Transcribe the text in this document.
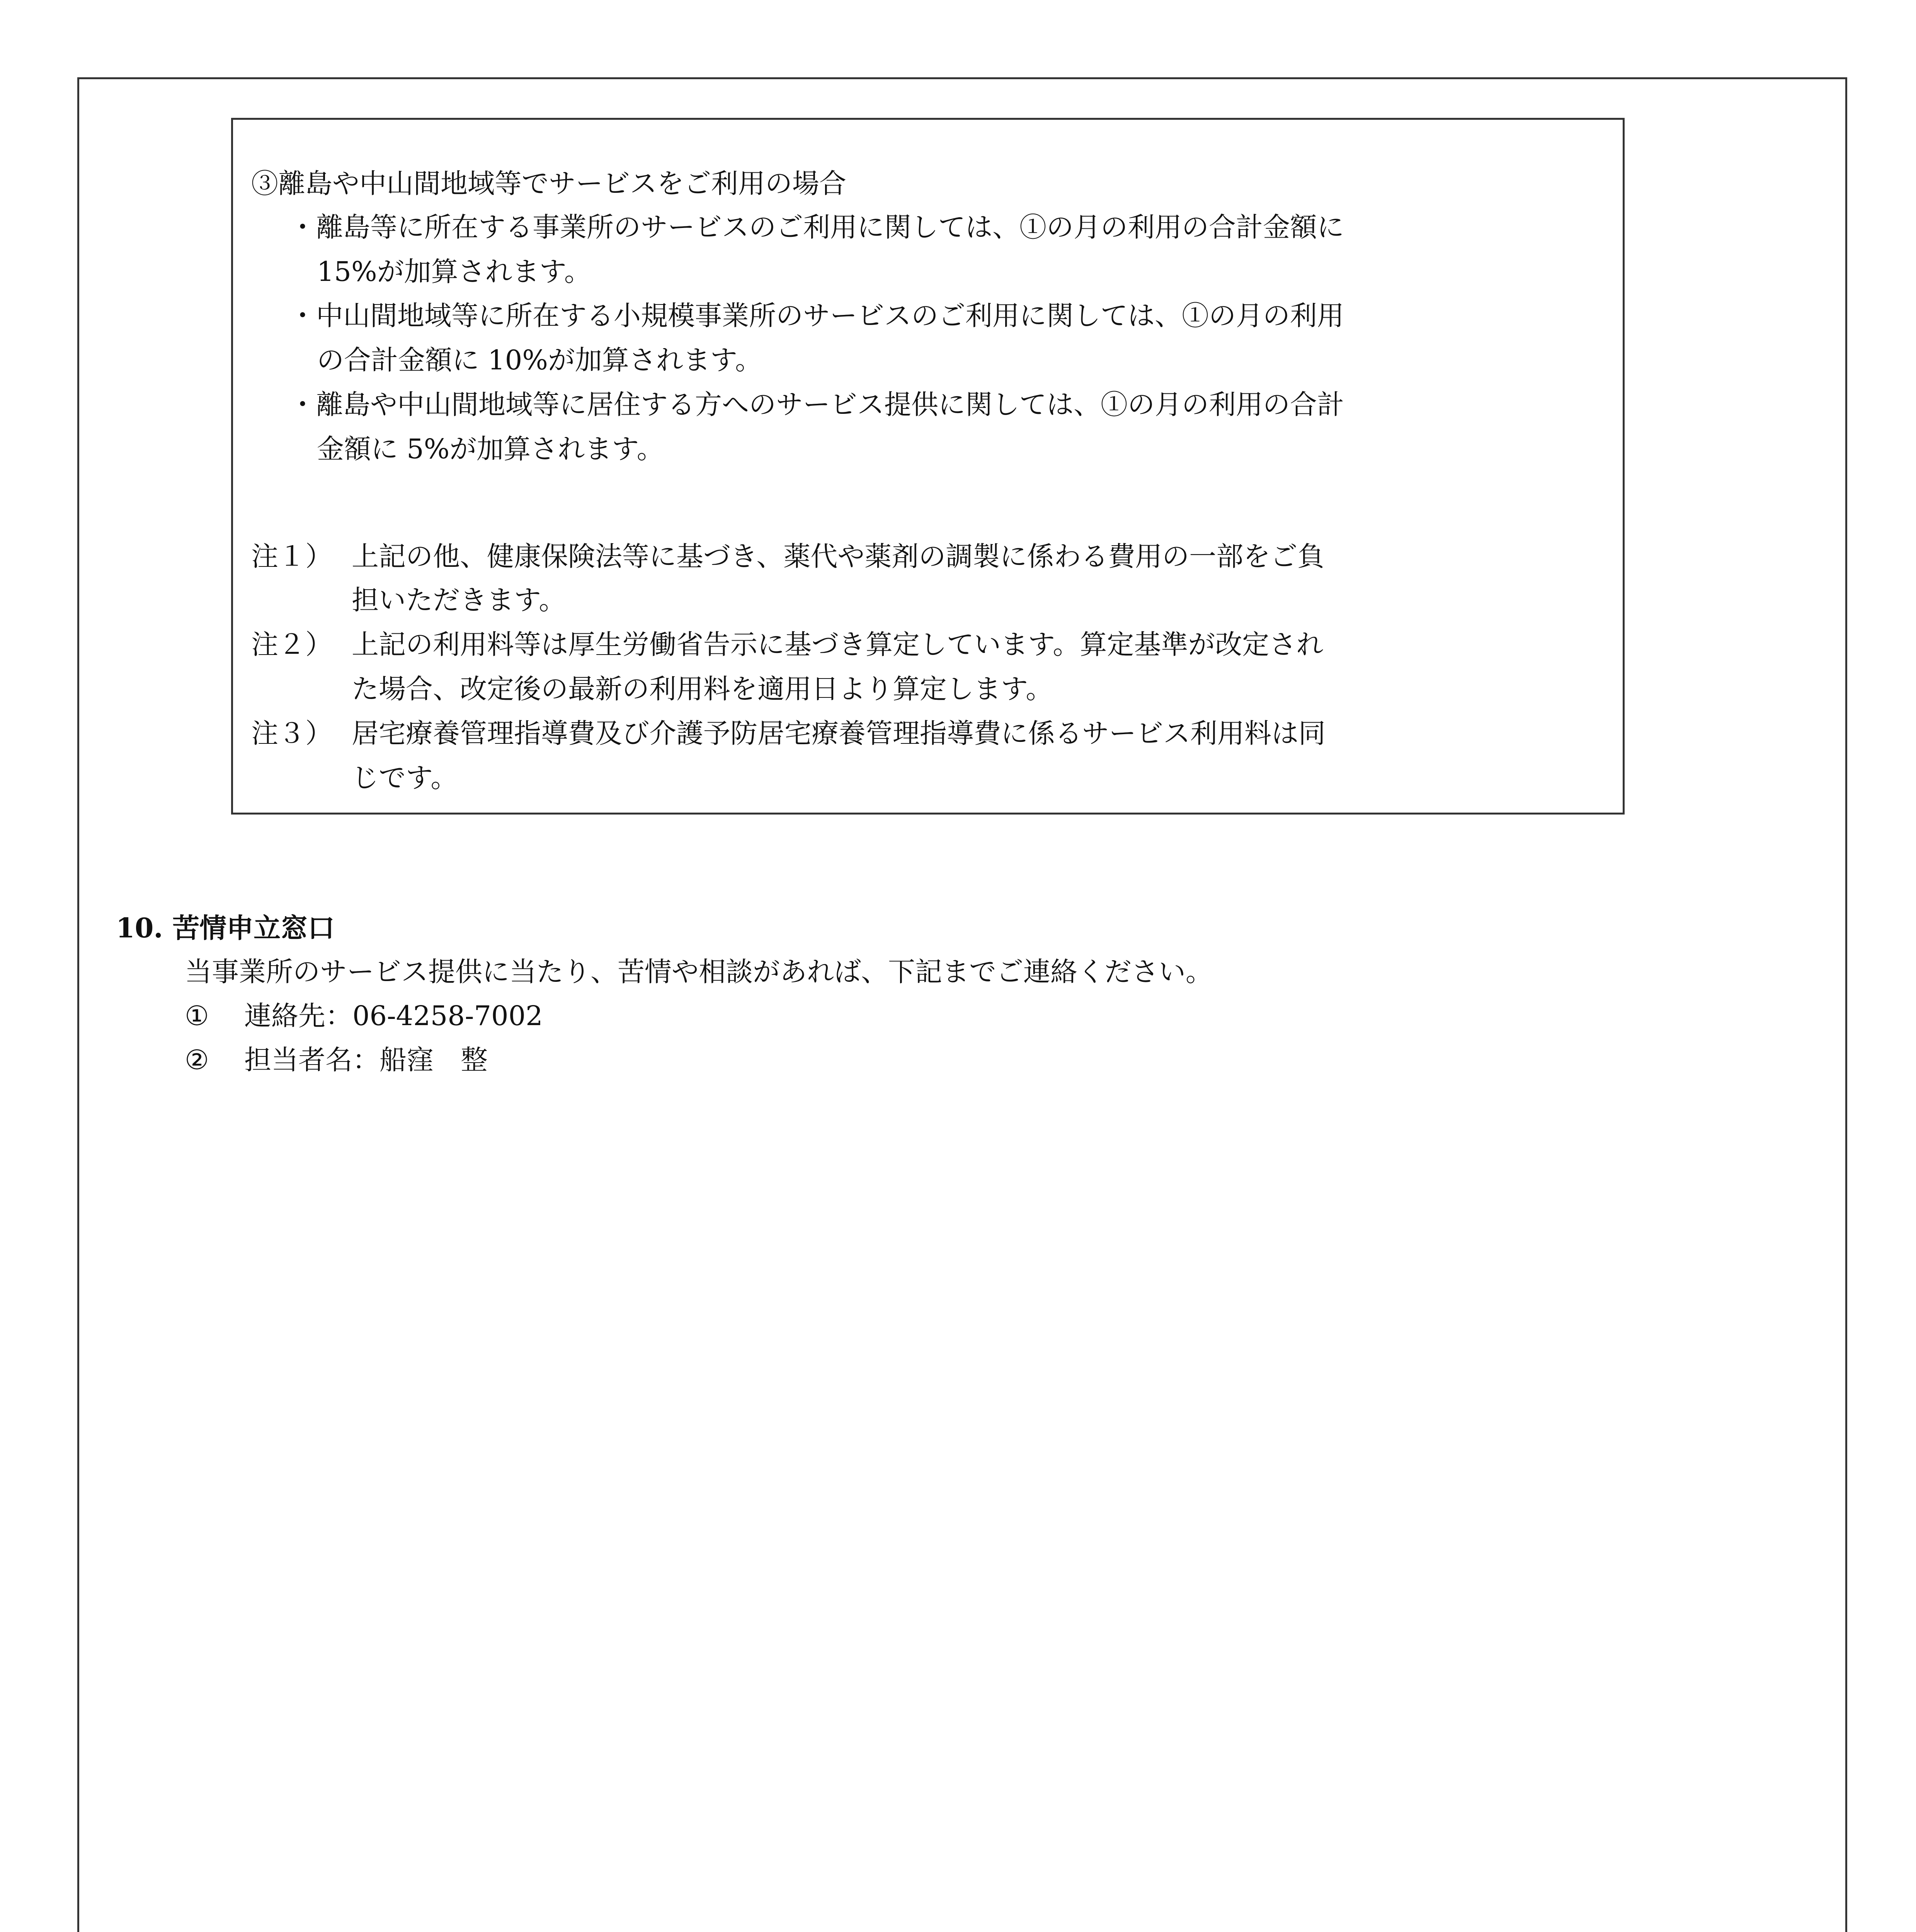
③離島や中山間地域等でサービスをご利用の場合
・離島等に所在する事業所のサービスのご利用に関しては、①の月の利用の合計金額に
15%が加算されます。
・中山間地域等に所在する小規模事業所のサービスのご利用に関しては、①の月の利用
の合計金額に 10%が加算されます。
・離島や中山間地域等に居住する方へのサービス提供に関しては、①の月の利用の合計
金額に 5%が加算されます。
注１） 上記の他、健康保険法等に基づき、薬代や薬剤の調製に係わる費用の一部をご負
担いただきます。
注２） 上記の利用料等は厚生労働省告示に基づき算定しています。算定基準が改定され
た場合、改定後の最新の利用料を適用日より算定します。
注３） 居宅療養管理指導費及び介護予防居宅療養管理指導費に係るサービス利用料は同
じです。
10. 苦情申立窓口
当事業所のサービス提供に当たり、苦情や相談があれば、下記までご連絡ください。
① 連絡先：06-4258-7002
② 担当者名：船窪　整
